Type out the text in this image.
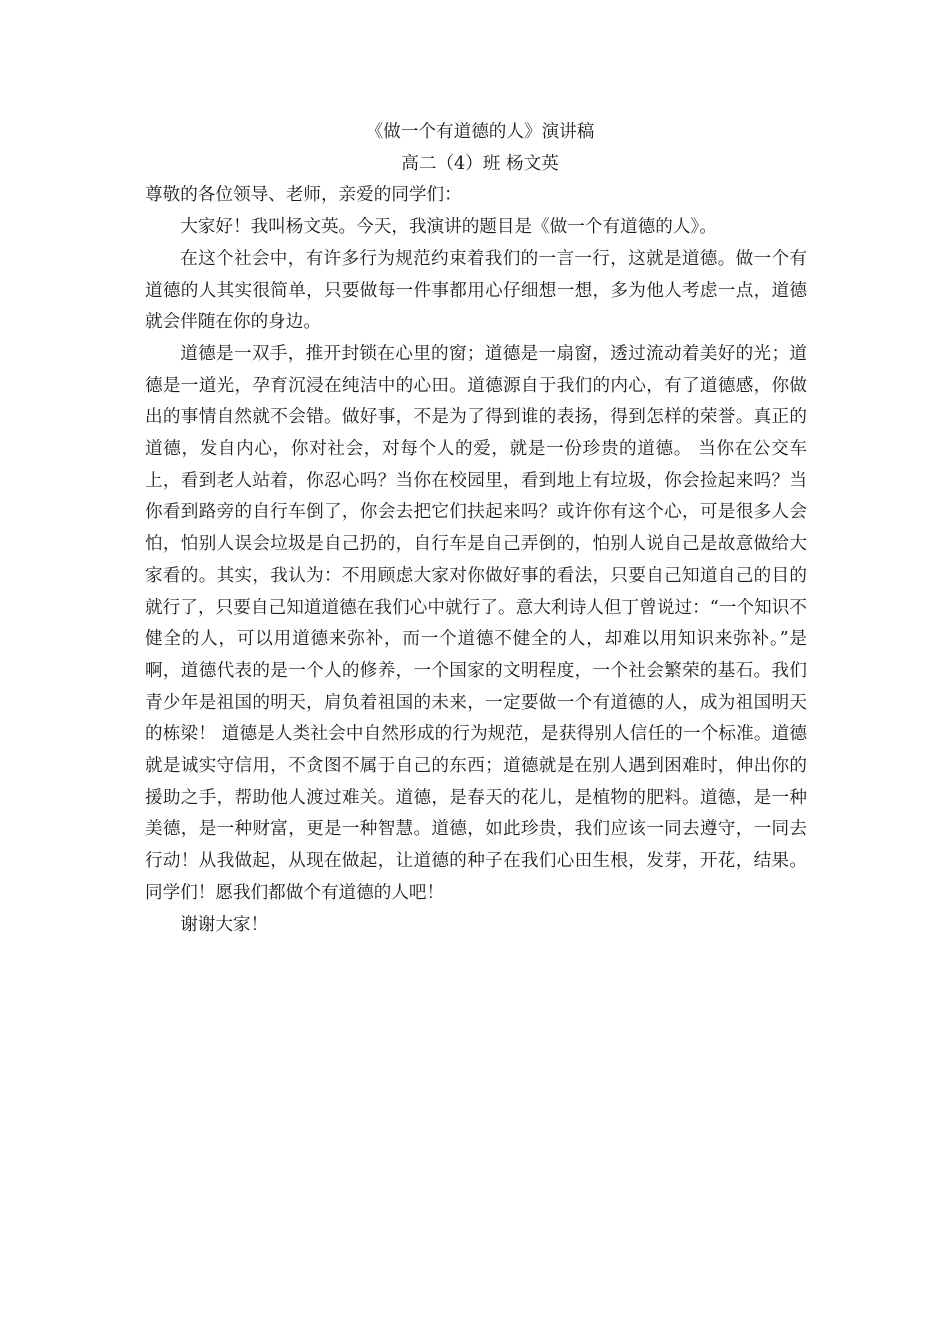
《做一个有道德的人》演讲稿

高二（4）班 杨文英

尊敬的各位领导、老师，亲爱的同学们：

大家好！我叫杨文英。今天，我演讲的题目是《做一个有道德的人》。

在这个社会中，有许多行为规范约束着我们的一言一行，这就是道德。做一个有道德的人其实很简单，只要做每一件事都用心仔细想一想，多为他人考虑一点，道德就会伴随在你的身边。

道德是一双手，推开封锁在心里的窗；道德是一扇窗，透过流动着美好的光；道德是一道光，孕育沉浸在纯洁中的心田。道德源自于我们的内心，有了道德感，你做出的事情自然就不会错。做好事，不是为了得到谁的表扬，得到怎样的荣誉。真正的道德，发自内心，你对社会，对每个人的爱，就是一份珍贵的道德。 当你在公交车上，看到老人站着，你忍心吗？当你在校园里，看到地上有垃圾，你会捡起来吗？当你看到路旁的自行车倒了，你会去把它们扶起来吗？或许你有这个心，可是很多人会怕，怕别人误会垃圾是自己扔的，自行车是自己弄倒的，怕别人说自己是故意做给大家看的。其实，我认为：不用顾虑大家对你做好事的看法，只要自己知道自己的目的就行了，只要自己知道道德在我们心中就行了。意大利诗人但丁曾说过：“一个知识不健全的人，可以用道德来弥补，而一个道德不健全的人，却难以用知识来弥补。”是啊，道德代表的是一个人的修养，一个国家的文明程度，一个社会繁荣的基石。我们青少年是祖国的明天，肩负着祖国的未来，一定要做一个有道德的人，成为祖国明天的栋梁！ 道德是人类社会中自然形成的行为规范，是获得别人信任的一个标准。道德就是诚实守信用，不贪图不属于自己的东西；道德就是在别人遇到困难时，伸出你的援助之手，帮助他人渡过难关。道德，是春天的花儿，是植物的肥料。道德，是一种美德，是一种财富，更是一种智慧。道德，如此珍贵，我们应该一同去遵守，一同去行动！从我做起，从现在做起，让道德的种子在我们心田生根，发芽，开花，结果。同学们！愿我们都做个有道德的人吧！

谢谢大家！
